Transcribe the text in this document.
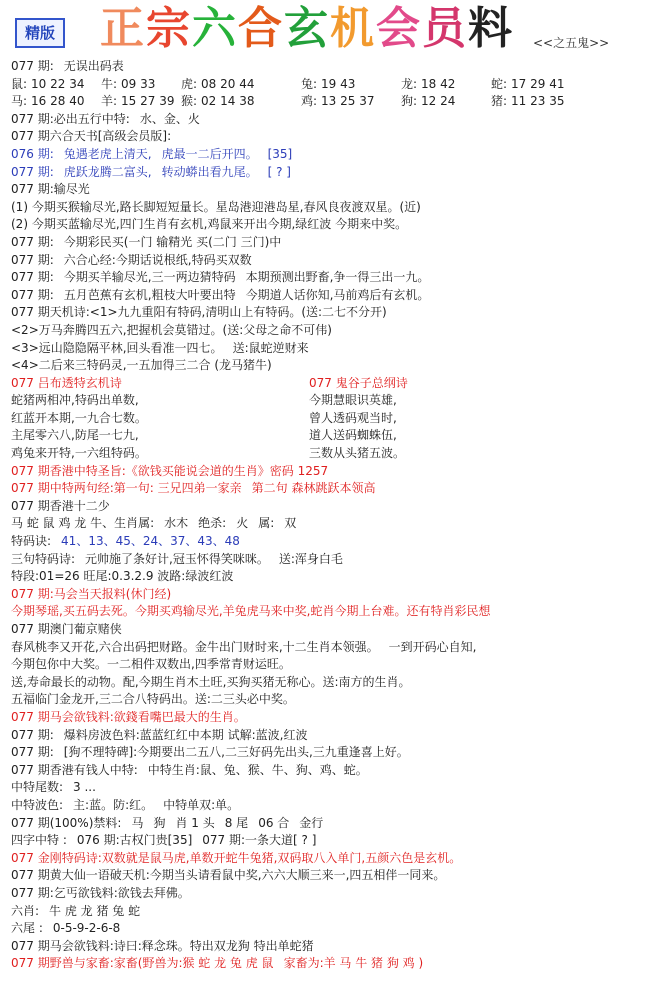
精版 正宗六合玄机会员料 <<之五鬼>>
077 期: 无误出码表
鼠: 10 22 34 牛: 09 33 虎: 08 20 44	兔: 19 43	龙: 18 42	蛇: 17 29 41
马: 16 28 40 羊: 15 27 39 猴: 02 14 38	鸡: 13 25 37 狗: 12 24	猪: 11 23 35
077 期:必出五行中特: 水、金、火
077 期六合天书[高级会员版]:
076 期: 兔遇老虎上清天, 虎最一二后开四。 [35]
077 期: 虎跃龙腾二富头, 转动蟒出看九尾。 [ ? ]
077 期:输尽光
(1) 今期买猴输尽光,路长脚短短量长。星岛港迎港岛星,春风良夜渡双星。(近)
(2) 今期买蓝输尽光,四门生肖有玄机,鸡鼠来开出今期,绿红波 今期来中奖。
077 期: 今期彩民买(一门 输精光 买(二门 三门)中
077 期: 六合心经:今期话说根纸,特码买双数
077 期: 今期买羊输尽光,三一两边猜特码 本期预测出野畜,争一得三出一九。
077 期: 五月芭蕉有玄机,粗枝大叶要出特 今期道人话你知,马前鸡后有玄机。
077 期天机诗:<1>九九重阳有特码,清明山上有特码。(送:二七不分开)
<2>万马奔腾四五六,把握机会莫错过。(送:父母之命不可伟)
<3>远山隐隐隔平林,回头看准一四七。 送:鼠蛇逆财来
<4>二后来三特码灵,一五加得三二合 (龙马猪牛)
077 吕布透特玄机诗	077 鬼谷子总纲诗
蛇猪两相冲,特码出单数,	今期慧眼识英雄,
红蓝开本期,一九合七数。	曾人透码观当时,
主尾零六八,防尾一七九,	道人送码蜘蛛伍,
鸡兔来开特,一六组特码。	三数从头猪五波。
077 期香港中特圣旨:《欲钱买能说会道的生肖》密码 1257
077 期中特两句经:第一句: 三兄四弟一家亲 第二句 森林跳跃本领高
077 期香港十二少
马 蛇 鼠 鸡 龙 牛、生肖属: 水木 绝杀: 火 属: 双
特码诀: 41、13、45、24、37、43、48
三句特码诗: 元帅施了条好计,冠玉怀得笑咪咪。 送:浑身白毛
特段:01=26 旺尾:0.3.2.9 波路:绿波红波
077 期:马会当天报料(休门经)
今期琴瑶,买五码去死。今期买鸡输尽光,羊兔虎马来中奖,蛇肖今期上台难。还有特肖彩民想
077 期澳门葡京赌侠
春风桃李又开花,六合出码把财路。金牛出门财时来,十二生肖本领强。 一到开码心自知,
今期包你中大奖。一二相件双数出,四季常青财运旺。
送,寿命最长的动物。配,今期生肖木土旺,买狗买猪无称心。送:南方的生肖。
五福临门金龙开,三二合八特码出。送:二三头必中奖。
077 期马会欲钱料:欲錢看嘴巴最大的生肖。
077 期: 爆料房波色料:蓝蓝红红中本期 试解:蓝波,红波
077 期: [狗不理特碑]:今期要出二五八,二三好码先出头,三九重逢喜上好。
077 期香港有钱人中特: 中特生肖:鼠、兔、猴、牛、狗、鸡、蛇。
中特尾数: 3 ...
中特波色: 主:蓝。防:红。 中特单双:单。
077 期(100%)禁料: 马 狗 肖 1 头 8 尾 06 合 金行
四字中特 : 076 期:古权门贵[35] 077 期:一条大道[ ? ]
077 金刚特码诗:双数就是鼠马虎,单数开蛇牛兔猪,双码取八入单门,五颜六色是玄机。
077 期黄大仙一语破天机:今期当头请看鼠中奖,六六大顺三来一,四五相伴一同来。
077 期:乞丐欲钱料:欲钱去拜佛。
六肖: 牛 虎 龙 猪 兔 蛇
六尾 : 0-5-9-2-6-8
077 期马会欲钱料:诗曰:释念珠。特出双龙狗 特出单蛇猪
077 期野兽与家畜:家畜(野兽为:猴 蛇 龙 兔 虎 鼠 家畜为:羊 马 牛 猪 狗 鸡 )
